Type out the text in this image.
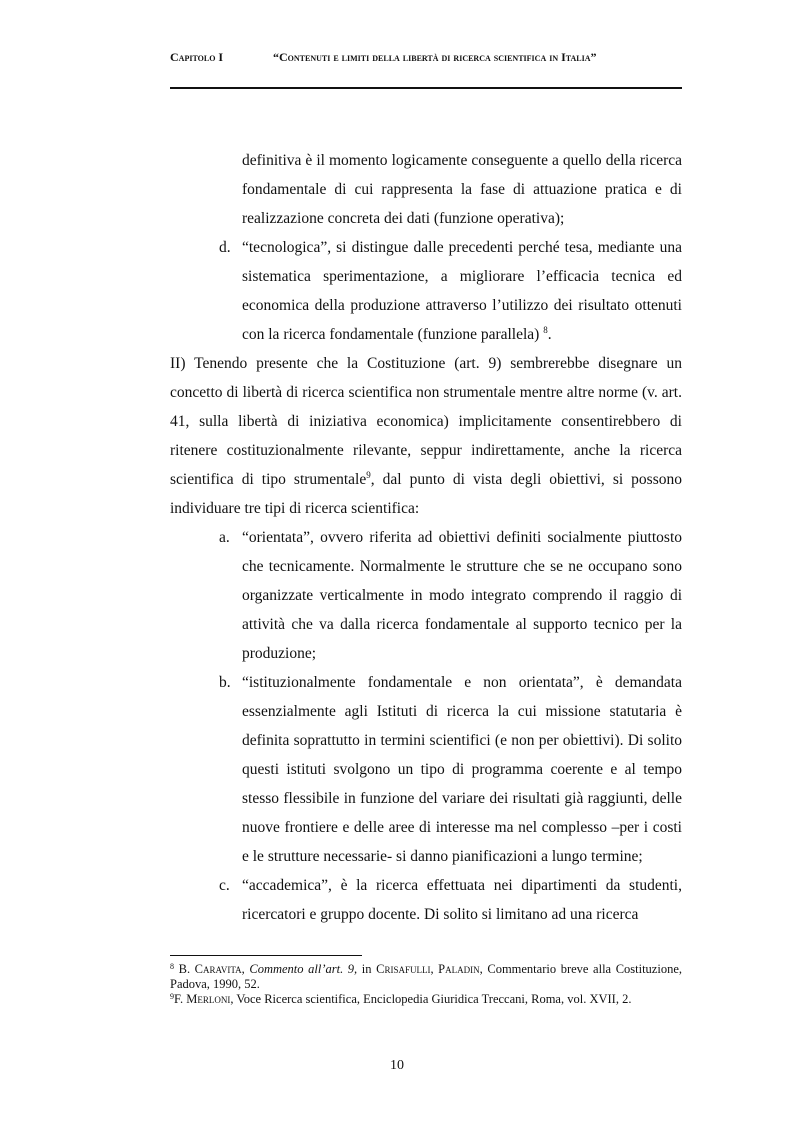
Capitolo I	“Contenuti e limiti della libertà di ricerca scientifica in Italia”
definitiva è il momento logicamente conseguente a quello della ricerca fondamentale di cui rappresenta la fase di attuazione pratica e di realizzazione concreta dei dati (funzione operativa);
d. “tecnologica”, si distingue dalle precedenti perché tesa, mediante una sistematica sperimentazione, a migliorare l’efficacia tecnica ed economica della produzione attraverso l’utilizzo dei risultato ottenuti con la ricerca fondamentale (funzione parallela) $^8$.

II) Tenendo presente che la Costituzione (art. 9) sembrerebbe disegnare un concetto di libertà di ricerca scientifica non strumentale mentre altre norme (v. art. 41, sulla libertà di iniziativa economica) implicitamente consentirebbero di ritenere costituzionalmente rilevante, seppur indirettamente, anche la ricerca scientifica di tipo strumentale$^9$, dal punto di vista degli obiettivi, si possono individuare tre tipi di ricerca scientifica:

a. “orientata”, ovvero riferita ad obiettivi definiti socialmente piuttosto che tecnicamente. Normalmente le strutture che se ne occupano sono organizzate verticalmente in modo integrato comprendo il raggio di attività che va dalla ricerca fondamentale al supporto tecnico per la produzione;
b. “istituzionalmente fondamentale e non orientata”, è demandata essenzialmente agli Istituti di ricerca la cui missione statutaria è definita soprattutto in termini scientifici (e non per obiettivi). Di solito questi istituti svolgono un tipo di programma coerente e al tempo stesso flessibile in funzione del variare dei risultati già raggiunti, delle nuove frontiere e delle aree di interesse ma nel complesso –per i costi e le strutture necessarie- si danno pianificazioni a lungo termine;
c. “accademica”, è la ricerca effettuata nei dipartimenti da studenti, ricercatori e gruppo docente. Di solito si limitano ad una ricerca
$^8$ B. Caravita, Commento all’art. 9, in Crisafulli, Paladin, Commentario breve alla Costituzione, Padova, 1990, 52.
$^9$F. Merloni, Voce Ricerca scientifica, Enciclopedia Giuridica Treccani, Roma, vol. XVII, 2.
10
